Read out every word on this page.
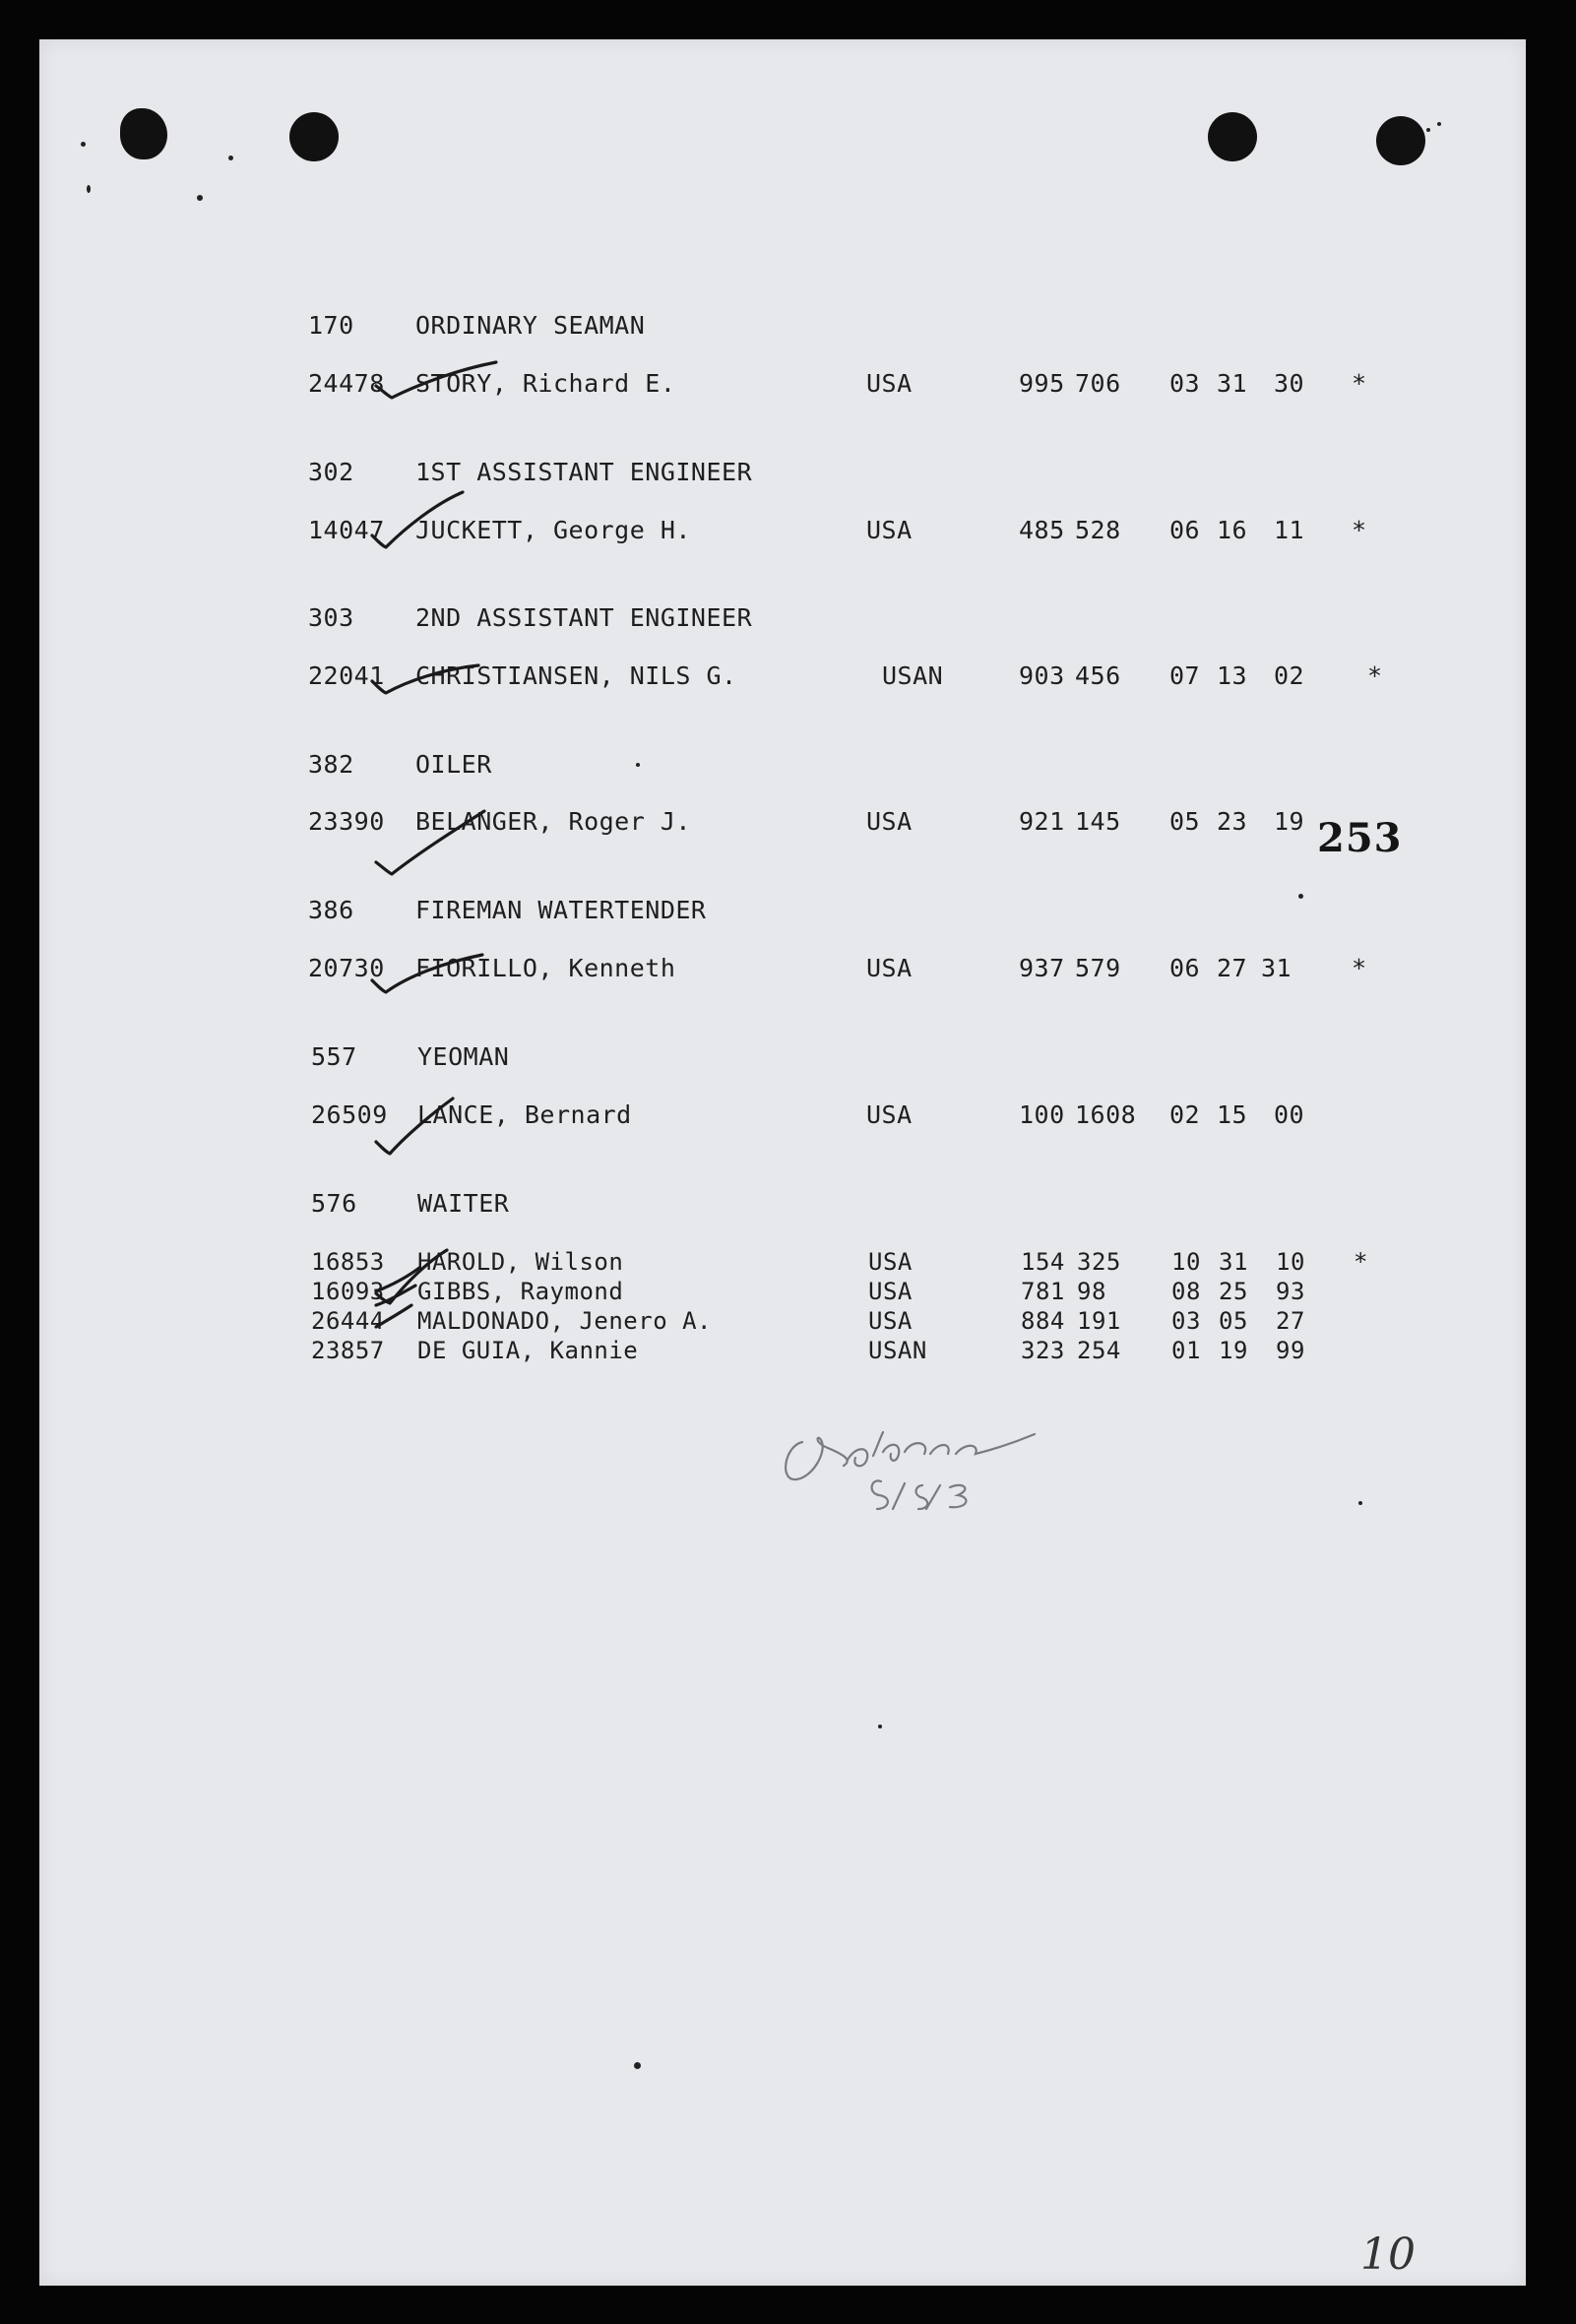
170 ORDINARY SEAMAN
24478 STORY, Richard E.	USA	995 706 03 31 30 *
302 1ST ASSISTANT ENGINEER
14047 JUCKETT, George H.	USA	485 528 06 16 11 *
303 2ND ASSISTANT ENGINEER
22041 CHRISTIANSEN, NILS G.	USAN	903 456 07 13 02	*
382 OILER
23390 BELANGER, Roger J.	USA	921 145 05 23 19 253
386 FIREMAN WATERTENDER
20730 FIORILLO, Kenneth	USA	937 579 06 27 31 *
557 YEOMAN
26509 LANCE, Bernard	USA	100 1608 02 15 00
576 WAITER
16853 HAROLD, Wilson	USA	154 325 10 31 10 *
16093 GIBBS, Raymond	USA	781 98	08 25 93
26444 MALDONADO, Jenero A.	USA	884 191 03 05 27
23857 DE GUIA, Kannie	USAN	323 254 01 19 99
10
